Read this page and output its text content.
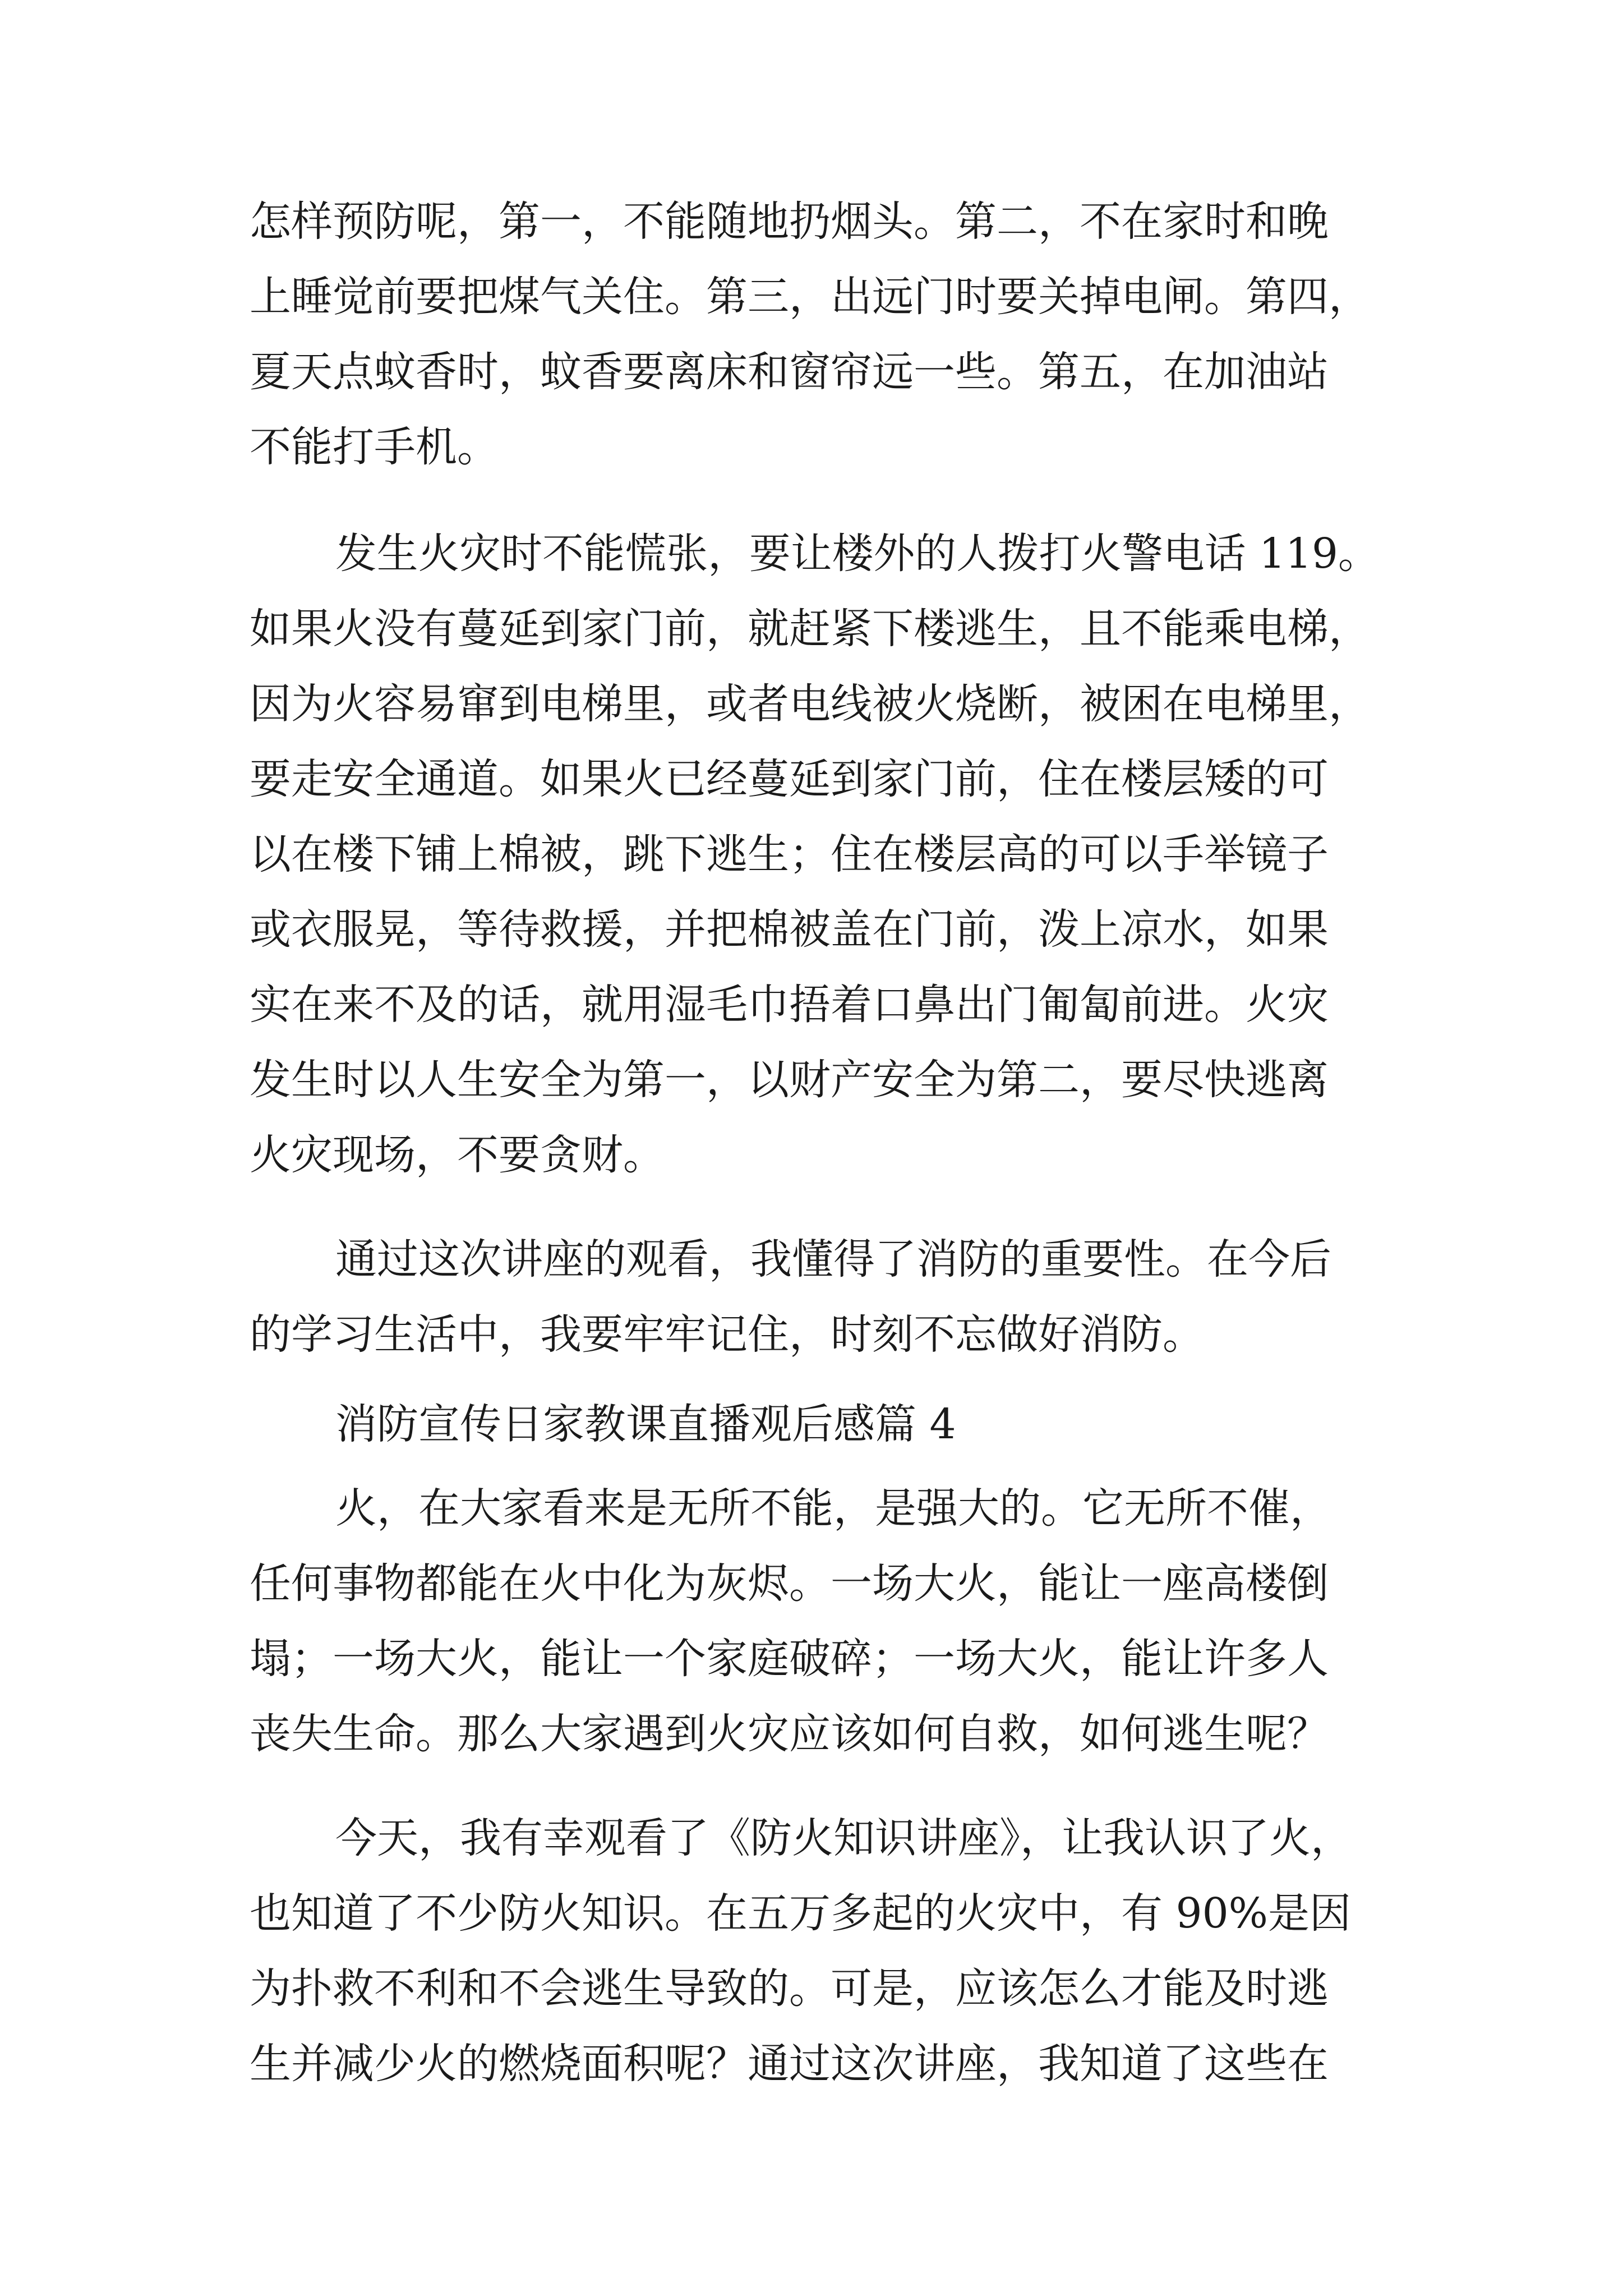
怎样预防呢，第一，不能随地扔烟头。第二，不在家时和晚
上睡觉前要把煤气关住。第三，出远门时要关掉电闸。第四，
夏天点蚊香时，蚊香要离床和窗帘远一些。第五，在加油站
不能打手机。
发生火灾时不能慌张，要让楼外的人拨打火警电话 119。
如果火没有蔓延到家门前，就赶紧下楼逃生，且不能乘电梯，
因为火容易窜到电梯里，或者电线被火烧断，被困在电梯里，
要走安全通道。如果火已经蔓延到家门前，住在楼层矮的可
以在楼下铺上棉被，跳下逃生；住在楼层高的可以手举镜子
或衣服晃，等待救援，并把棉被盖在门前，泼上凉水，如果
实在来不及的话，就用湿毛巾捂着口鼻出门匍匐前进。火灾
发生时以人生安全为第一，以财产安全为第二，要尽快逃离
火灾现场，不要贪财。
通过这次讲座的观看，我懂得了消防的重要性。在今后
的学习生活中，我要牢牢记住，时刻不忘做好消防。
消防宣传日家教课直播观后感篇 4
火，在大家看来是无所不能，是强大的。它无所不催，
任何事物都能在火中化为灰烬。一场大火，能让一座高楼倒
塌；一场大火，能让一个家庭破碎；一场大火，能让许多人
丧失生命。那么大家遇到火灾应该如何自救，如何逃生呢？
今天，我有幸观看了《防火知识讲座》，让我认识了火，
也知道了不少防火知识。在五万多起的火灾中，有 90%是因
为扑救不利和不会逃生导致的。可是，应该怎么才能及时逃
生并减少火的燃烧面积呢？通过这次讲座，我知道了这些在
